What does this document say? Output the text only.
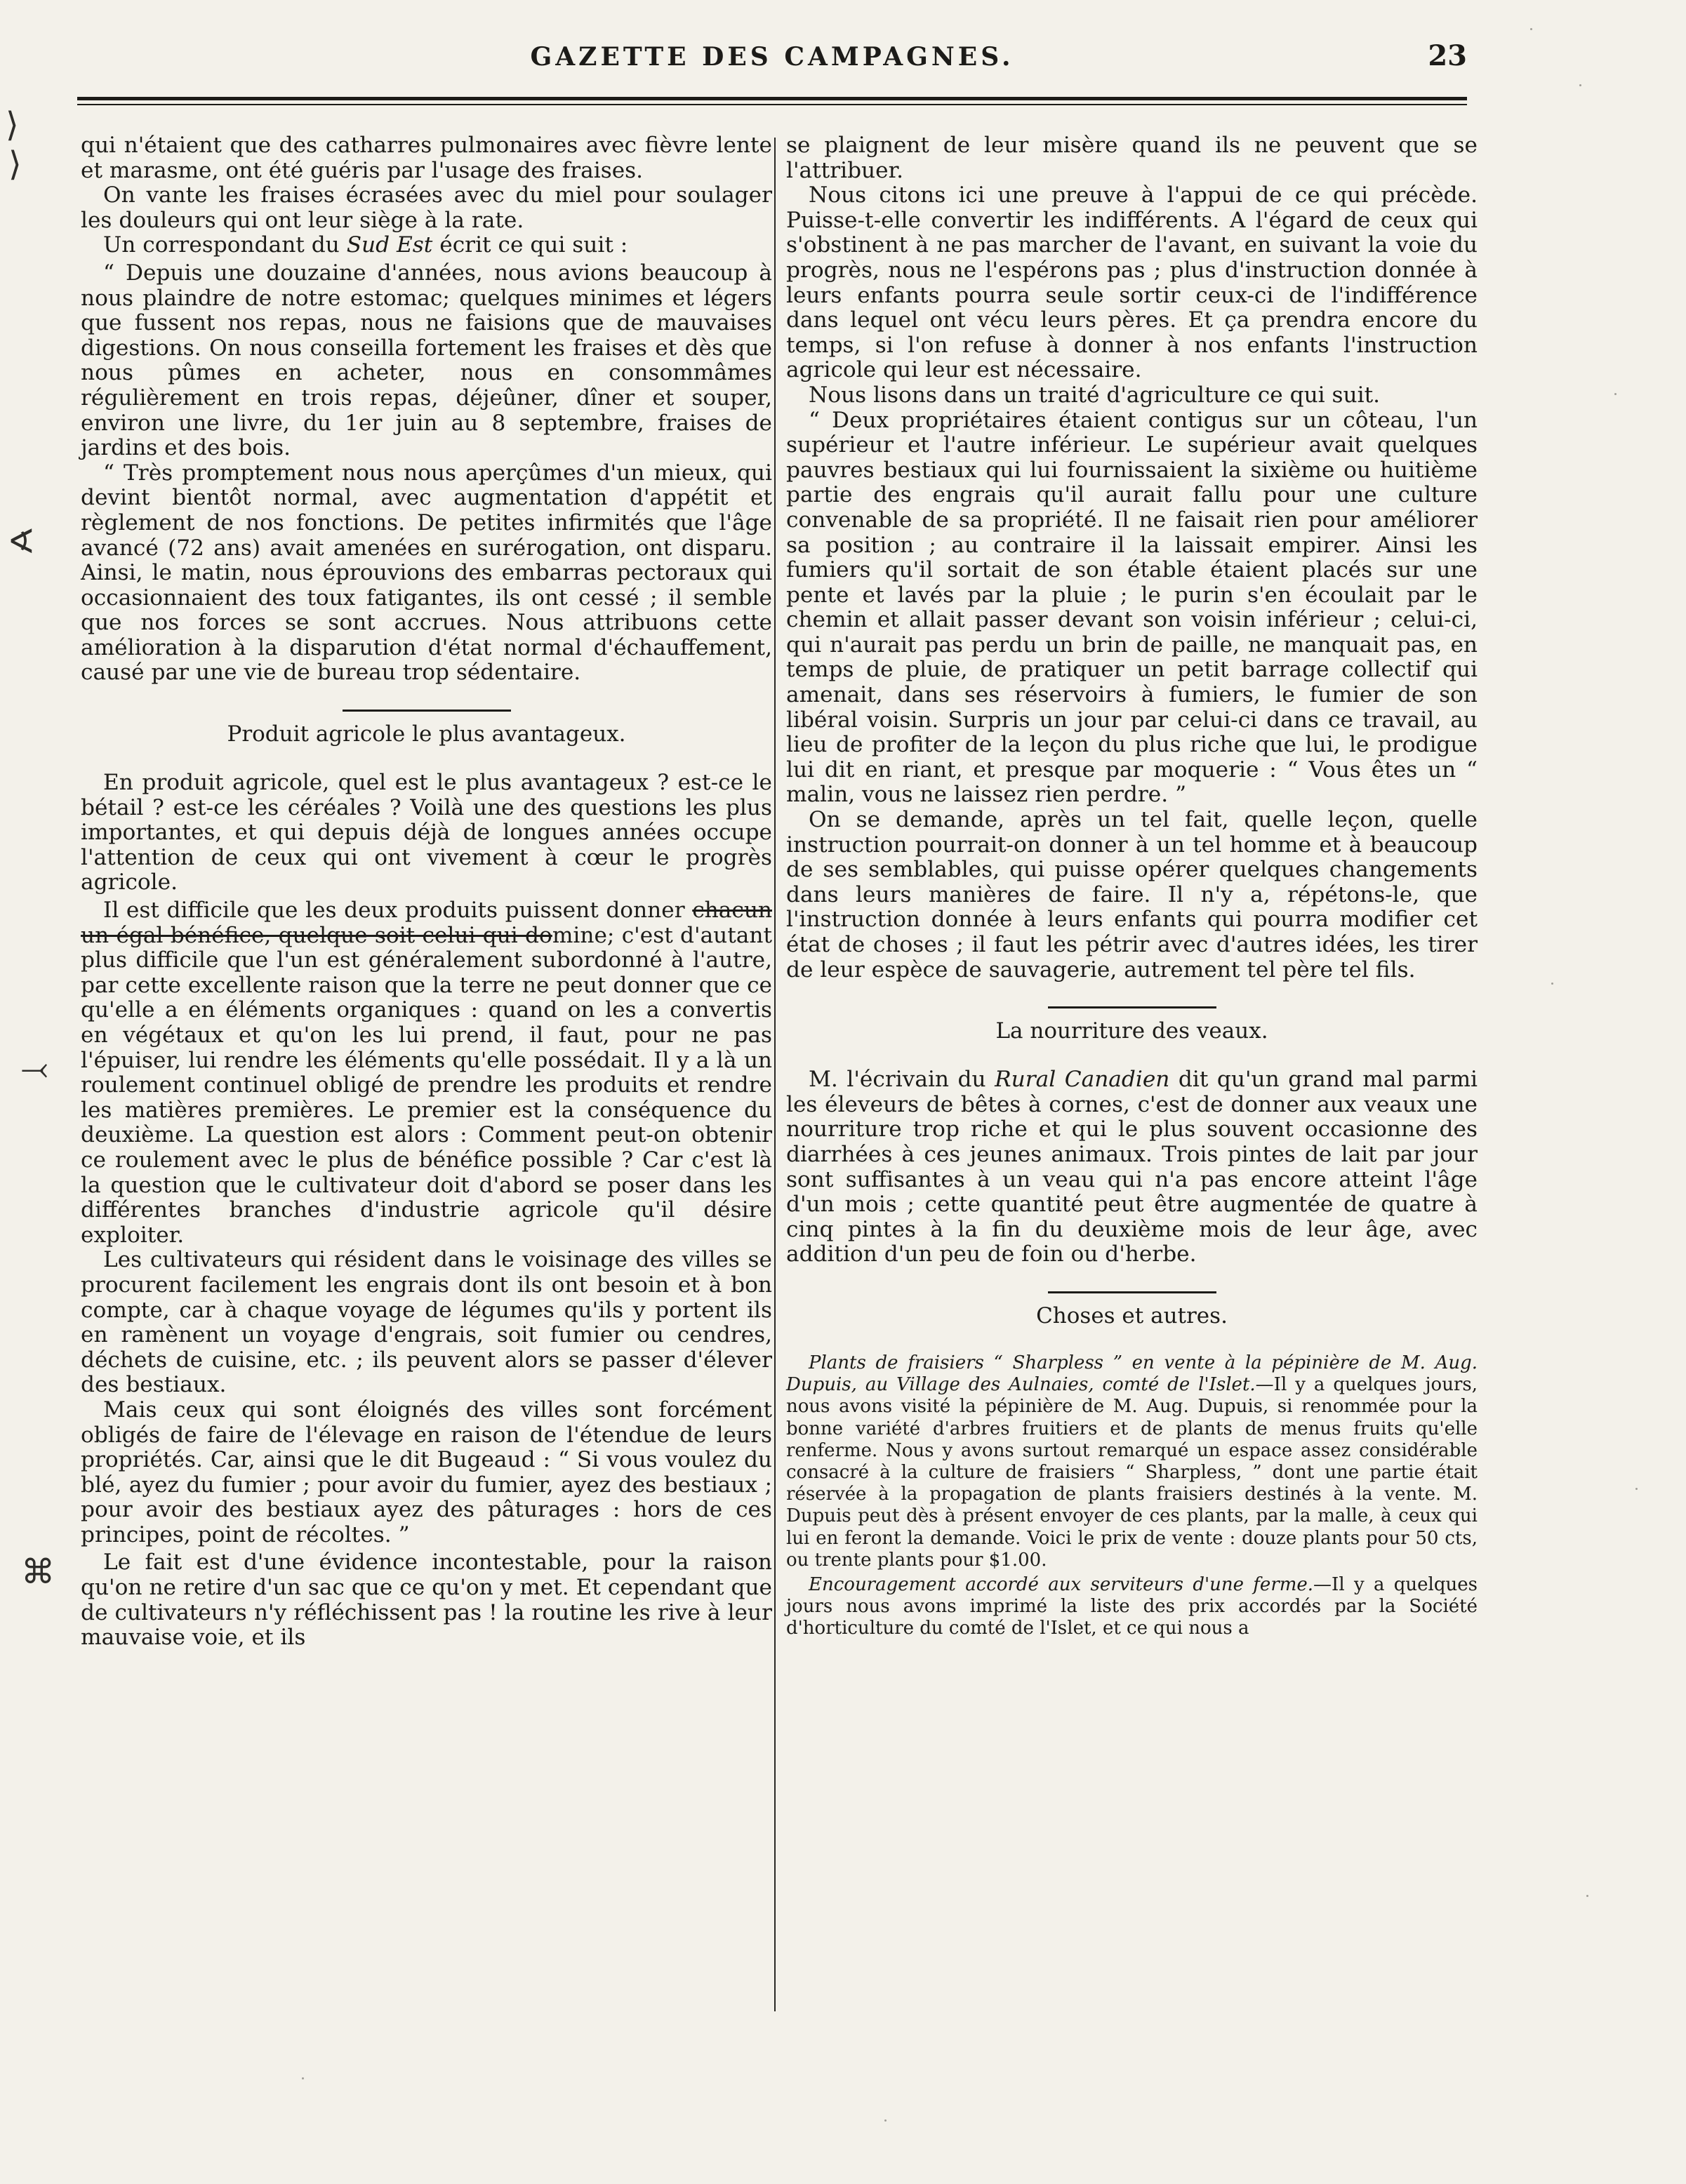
GAZETTE DES CAMPAGNES.	23

qui n'étaient que des catharres pulmonaires avec fièvre lente et marasme, ont été guéris par l'usage des fraises.

On vante les fraises écrasées avec du miel pour soulager les douleurs qui ont leur siège à la rate.

Un correspondant du Sud Est écrit ce qui suit :

“ Depuis une douzaine d'années, nous avions beaucoup à nous plaindre de notre estomac; quelques minimes et légers que fussent nos repas, nous ne faisions que de mauvaises digestions. On nous conseilla fortement les fraises et dès que nous pûmes en acheter, nous en consommâmes régulièrement en trois repas, déjeûner, dîner et souper, environ une livre, du 1er juin au 8 septembre, fraises de jardins et des bois.

“ Très promptement nous nous aperçûmes d'un mieux, qui devint bientôt normal, avec augmentation d'appétit et règlement de nos fonctions. De petites infirmités que l'âge avancé (72 ans) avait amenées en surérogation, ont disparu. Ainsi, le matin, nous éprouvions des embarras pectoraux qui occasionnaient des toux fatigantes, ils ont cessé ; il semble que nos forces se sont accrues. Nous attribuons cette amélioration à la disparution d'état normal d'échauffement, causé par une vie de bureau trop sédentaire.

Produit agricole le plus avantageux.

En produit agricole, quel est le plus avantageux ? est-ce le bétail ? est-ce les céréales ? Voilà une des questions les plus importantes, et qui depuis déjà de longues années occupe l'attention de ceux qui ont vivement à cœur le progrès agricole.

Il est difficile que les deux produits puissent donner chacun un égal bénéfice, quelque soit celui qui domine; c'est d'autant plus difficile que l'un est généralement subordonné à l'autre, par cette excellente raison que la terre ne peut donner que ce qu'elle a en éléments organiques : quand on les a convertis en végétaux et qu'on les lui prend, il faut, pour ne pas l'épuiser, lui rendre les éléments qu'elle possédait. Il y a là un roulement continuel obligé de prendre les produits et rendre les matières premières. Le premier est la conséquence du deuxième. La question est alors : Comment peut-on obtenir ce roulement avec le plus de bénéfice possible ? Car c'est là la question que le cultivateur doit d'abord se poser dans les différentes branches d'industrie agricole qu'il désire exploiter.

Les cultivateurs qui résident dans le voisinage des villes se procurent facilement les engrais dont ils ont besoin et à bon compte, car à chaque voyage de légumes qu'ils y portent ils en ramènent un voyage d'engrais, soit fumier ou cendres, déchets de cuisine, etc. ; ils peuvent alors se passer d'élever des bestiaux.

Mais ceux qui sont éloignés des villes sont forcément obligés de faire de l'élevage en raison de l'étendue de leurs propriétés. Car, ainsi que le dit Bugeaud : “ Si vous voulez du blé, ayez du fumier ; pour avoir du fumier, ayez des bestiaux ; pour avoir des bestiaux ayez des pâturages : hors de ces principes, point de récoltes. ”

Le fait est d'une évidence incontestable, pour la raison qu'on ne retire d'un sac que ce qu'on y met. Et cependant que de cultivateurs n'y réfléchissent pas ! la routine les rive à leur mauvaise voie, et ils

se plaignent de leur misère quand ils ne peuvent que se l'attribuer.

Nous citons ici une preuve à l'appui de ce qui précède. Puisse-t-elle convertir les indifférents. A l'égard de ceux qui s'obstinent à ne pas marcher de l'avant, en suivant la voie du progrès, nous ne l'espérons pas ; plus d'instruction donnée à leurs enfants pourra seule sortir ceux-ci de l'indifférence dans lequel ont vécu leurs pères. Et ça prendra encore du temps, si l'on refuse à donner à nos enfants l'instruction agricole qui leur est nécessaire.

Nous lisons dans un traité d'agriculture ce qui suit.

“ Deux propriétaires étaient contigus sur un côteau, l'un supérieur et l'autre inférieur. Le supérieur avait quelques pauvres bestiaux qui lui fournissaient la sixième ou huitième partie des engrais qu'il aurait fallu pour une culture convenable de sa propriété. Il ne faisait rien pour améliorer sa position ; au contraire il la laissait empirer. Ainsi les fumiers qu'il sortait de son étable étaient placés sur une pente et lavés par la pluie ; le purin s'en écoulait par le chemin et allait passer devant son voisin inférieur ; celui-ci, qui n'aurait pas perdu un brin de paille, ne manquait pas, en temps de pluie, de pratiquer un petit barrage collectif qui amenait, dans ses réservoirs à fumiers, le fumier de son libéral voisin. Surpris un jour par celui-ci dans ce travail, au lieu de profiter de la leçon du plus riche que lui, le prodigue lui dit en riant, et presque par moquerie : “ Vous êtes un “ malin, vous ne laissez rien perdre. ”

On se demande, après un tel fait, quelle leçon, quelle instruction pourrait-on donner à un tel homme et à beaucoup de ses semblables, qui puisse opérer quelques changements dans leurs manières de faire. Il n'y a, répétons-le, que l'instruction donnée à leurs enfants qui pourra modifier cet état de choses ; il faut les pétrir avec d'autres idées, les tirer de leur espèce de sauvagerie, autrement tel père tel fils.

La nourriture des veaux.

M. l'écrivain du Rural Canadien dit qu'un grand mal parmi les éleveurs de bêtes à cornes, c'est de donner aux veaux une nourriture trop riche et qui le plus souvent occasionne des diarrhées à ces jeunes animaux. Trois pintes de lait par jour sont suffisantes à un veau qui n'a pas encore atteint l'âge d'un mois ; cette quantité peut être augmentée de quatre à cinq pintes à la fin du deuxième mois de leur âge, avec addition d'un peu de foin ou d'herbe.

Choses et autres.

Plants de fraisiers “ Sharpless ” en vente à la pépinière de M. Aug. Dupuis, au Village des Aulnaies, comté de l'Islet.—Il y a quelques jours, nous avons visité la pépinière de M. Aug. Dupuis, si renommée pour la bonne variété d'arbres fruitiers et de plants de menus fruits qu'elle renferme. Nous y avons surtout remarqué un espace assez considérable consacré à la culture de fraisiers “ Sharpless, ” dont une partie était réservée à la propagation de plants fraisiers destinés à la vente. M. Dupuis peut dès à présent envoyer de ces plants, par la malle, à ceux qui lui en feront la demande. Voici le prix de vente : douze plants pour 50 cts, ou trente plants pour $1.00.

Encouragement accordé aux serviteurs d'une ferme.—Il y a quelques jours nous avons imprimé la liste des prix accordés par la Société d'horticulture du comté de l'Islet, et ce qui nous a

⟩
⟩
∢
⤙
⌘
